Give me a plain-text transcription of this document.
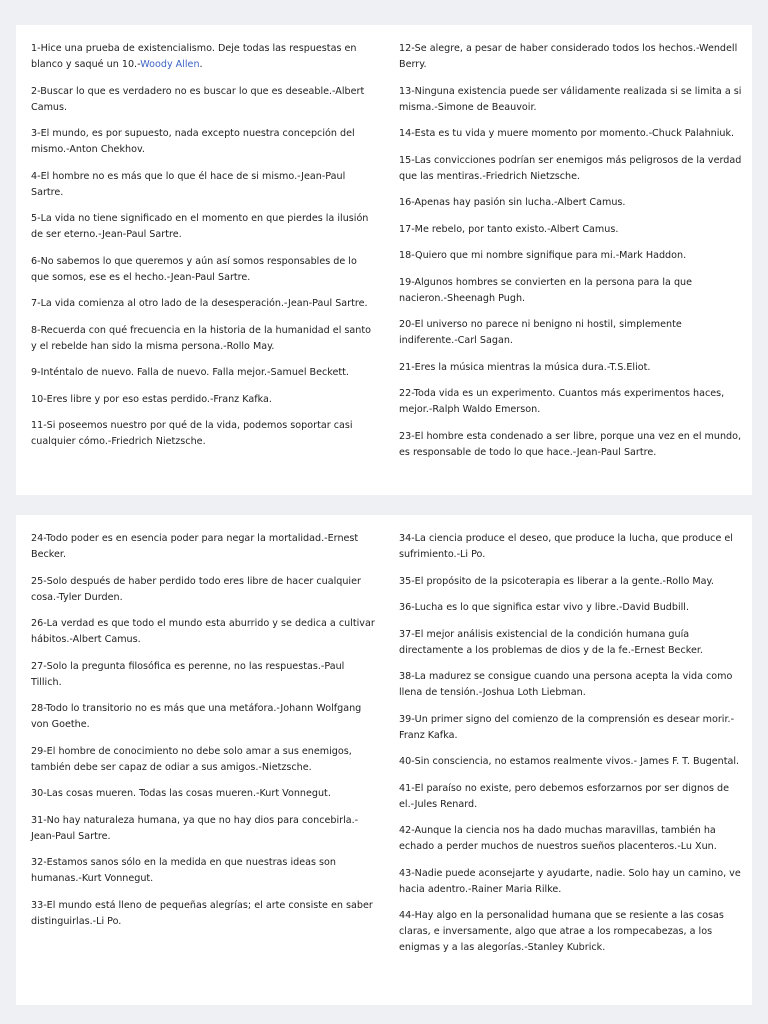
1-Hice una prueba de existencialismo. Deje todas las respuestas en blanco y saqué un 10.-Woody Allen.

2-Buscar lo que es verdadero no es buscar lo que es deseable.-Albert Camus.

3-El mundo, es por supuesto, nada excepto nuestra concepción del mismo.-Anton Chekhov.

4-El hombre no es más que lo que él hace de si mismo.-Jean-Paul Sartre.

5-La vida no tiene significado en el momento en que pierdes la ilusión de ser eterno.-Jean-Paul Sartre.

6-No sabemos lo que queremos y aún así somos responsables de lo que somos, ese es el hecho.-Jean-Paul Sartre.

7-La vida comienza al otro lado de la desesperación.-Jean-Paul Sartre.

8-Recuerda con qué frecuencia en la historia de la humanidad el santo y el rebelde han sido la misma persona.-Rollo May.

9-Inténtalo de nuevo. Falla de nuevo. Falla mejor.-Samuel Beckett.

10-Eres libre y por eso estas perdido.-Franz Kafka.

11-Si poseemos nuestro por qué de la vida, podemos soportar casi cualquier cómo.-Friedrich Nietzsche.

12-Se alegre, a pesar de haber considerado todos los hechos.-Wendell Berry.

13-Ninguna existencia puede ser válidamente realizada si se limita a si misma.-Simone de Beauvoir.

14-Esta es tu vida y muere momento por momento.-Chuck Palahniuk.

15-Las convicciones podrían ser enemigos más peligrosos de la verdad que las mentiras.-Friedrich Nietzsche.

16-Apenas hay pasión sin lucha.-Albert Camus.

17-Me rebelo, por tanto existo.-Albert Camus.

18-Quiero que mi nombre signifique para mi.-Mark Haddon.

19-Algunos hombres se convierten en la persona para la que nacieron.-Sheenagh Pugh.

20-El universo no parece ni benigno ni hostil, simplemente indiferente.-Carl Sagan.

21-Eres la música mientras la música dura.-T.S.Eliot.

22-Toda vida es un experimento. Cuantos más experimentos haces, mejor.-Ralph Waldo Emerson.

23-El hombre esta condenado a ser libre, porque una vez en el mundo, es responsable de todo lo que hace.-Jean-Paul Sartre.

24-Todo poder es en esencia poder para negar la mortalidad.-Ernest Becker.

25-Solo después de haber perdido todo eres libre de hacer cualquier cosa.-Tyler Durden.

26-La verdad es que todo el mundo esta aburrido y se dedica a cultivar hábitos.-Albert Camus.

27-Solo la pregunta filosófica es perenne, no las respuestas.-Paul Tillich.

28-Todo lo transitorio no es más que una metáfora.-Johann Wolfgang von Goethe.

29-El hombre de conocimiento no debe solo amar a sus enemigos, también debe ser capaz de odiar a sus amigos.-Nietzsche.

30-Las cosas mueren. Todas las cosas mueren.-Kurt Vonnegut.

31-No hay naturaleza humana, ya que no hay dios para concebirla.-Jean-Paul Sartre.

32-Estamos sanos sólo en la medida en que nuestras ideas son humanas.-Kurt Vonnegut.

33-El mundo está lleno de pequeñas alegrías; el arte consiste en saber distinguirlas.-Li Po.

34-La ciencia produce el deseo, que produce la lucha, que produce el sufrimiento.-Li Po.

35-El propósito de la psicoterapia es liberar a la gente.-Rollo May.

36-Lucha es lo que significa estar vivo y libre.-David Budbill.

37-El mejor análisis existencial de la condición humana guía directamente a los problemas de dios y de la fe.-Ernest Becker.

38-La madurez se consigue cuando una persona acepta la vida como llena de tensión.-Joshua Loth Liebman.

39-Un primer signo del comienzo de la comprensión es desear morir.-Franz Kafka.

40-Sin consciencia, no estamos realmente vivos.- James F. T. Bugental.

41-El paraíso no existe, pero debemos esforzarnos por ser dignos de el.-Jules Renard.

42-Aunque la ciencia nos ha dado muchas maravillas, también ha echado a perder muchos de nuestros sueños placenteros.-Lu Xun.

43-Nadie puede aconsejarte y ayudarte, nadie. Solo hay un camino, ve hacia adentro.-Rainer Maria Rilke.

44-Hay algo en la personalidad humana que se resiente a las cosas claras, e inversamente, algo que atrae a los rompecabezas, a los enigmas y a las alegorías.-Stanley Kubrick.
